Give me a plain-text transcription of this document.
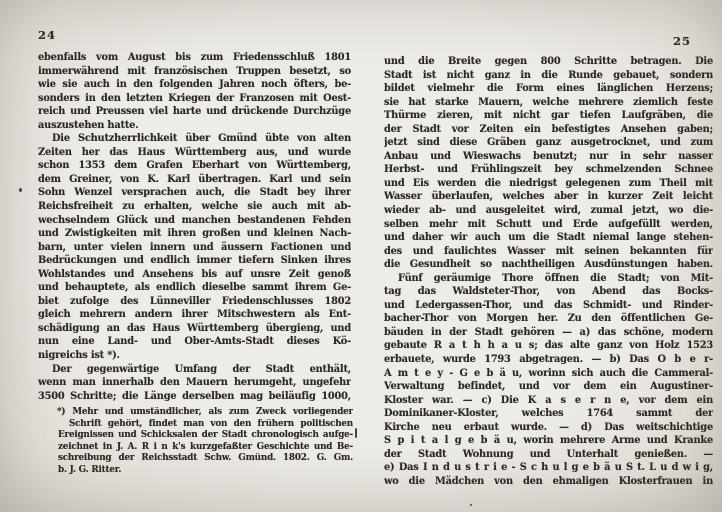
24	25
ebenfalls vom August bis zum Friedensschluß 1801
immerwährend mit französischen Truppen besetzt, so
wie sie auch in den folgenden Jahren noch öfters, be-
sonders in den letzten Kriegen der Franzosen mit Oest-
reich und Preussen viel harte und drückende Durchzüge
auszustehen hatte.
Die Schutzherrlichkeit über Gmünd übte von alten
Zeiten her das Haus Württemberg aus, und wurde
schon 1353 dem Grafen Eberhart von Württemberg,
dem Greiner, von K. Karl übertragen. Karl und sein
Sohn Wenzel versprachen auch, die Stadt bey ihrer
Reichsfreiheit zu erhalten, welche sie auch mit ab-
wechselndem Glück und manchen bestandenen Fehden
und Zwistigkeiten mit ihren großen und kleinen Nach-
barn, unter vielen innern und äussern Factionen und
Bedrückungen und endlich immer tiefern Sinken ihres
Wohlstandes und Ansehens bis auf unsre Zeit genoß
und behauptete, als endlich dieselbe sammt ihrem Ge-
biet zufolge des Lünneviller Friedenschlusses 1802
gleich mehrern andern ihrer Mitschwestern als Ent-
schädigung an das Haus Württemberg übergieng, und
nun eine Land- und Ober-Amts-Stadt dieses Kö-
nigreichs ist *).
Der gegenwärtige Umfang der Stadt enthält,
wenn man innerhalb den Mauern herumgeht, ungefehr
3500 Schritte; die Länge derselben mag beiläufig 1000,
*) Mehr und umständlicher, als zum Zweck vorliegender
Schrift gehört, findet man von den frühern politischen
Ereignissen und Schicksalen der Stadt chronologisch aufge-
zeichnet in J. A. R i n k's kurzgefaßter Geschichte und Be-
schreibung der Reichsstadt Schw. Gmünd. 1802. G. Gm.
b. J. G. Ritter.
und die Breite gegen 800 Schritte betragen. Die
Stadt ist nicht ganz in die Runde gebauet, sondern
bildet vielmehr die Form eines länglichen Herzens;
sie hat starke Mauern, welche mehrere ziemlich feste
Thürme zieren, mit nicht gar tiefen Laufgräben, die
der Stadt vor Zeiten ein befestigtes Ansehen gaben;
jetzt sind diese Gräben ganz ausgetrocknet, und zum
Anbau und Wieswachs benutzt; nur in sehr nasser
Herbst- und Frühlingszeit bey schmelzenden Schnee
und Eis werden die niedrigst gelegenen zum Theil mit
Wasser überlaufen, welches aber in kurzer Zeit leicht
wieder ab- und ausgeleitet wird, zumal jetzt, wo die-
selben mehr mit Schutt und Erde aufgefüllt werden,
und daher wir auch um die Stadt niemal lange stehen-
des und faulichtes Wasser mit seinen bekannten für
die Gesundheit so nachtheiligen Ausdünstungen haben.
Fünf geräumige Thore öffnen die Stadt; von Mit-
tag das Waldsteter-Thor, von Abend das Bocks-
und Ledergassen-Thor, und das Schmidt- und Rinder-
bacher-Thor von Morgen her. Zu den öffentlichen Ge-
bäuden in der Stadt gehören — a) das schöne, modern
gebaute R a t h h a u s; das alte ganz von Holz 1523
erbauete, wurde 1793 abgetragen. — b) Das O b e r-
A m t e y - G e b ä u, worinn sich auch die Cammeral-
Verwaltung befindet, und vor dem ein Augustiner-
Kloster war. — c) Die K a s e r n e, vor dem ein
Dominikaner-Kloster, welches 1764 sammt der
Kirche neu erbaut wurde. — d) Das weitschichtige
S p i t a l g e b ä u, worin mehrere Arme und Kranke
der Stadt Wohnung und Unterhalt genießen. —
e) Das I n d u s t r i e - S c h u l g e b ä u S t. L u d w i g,
wo die Mädchen von den ehmaligen Klosterfrauen in
